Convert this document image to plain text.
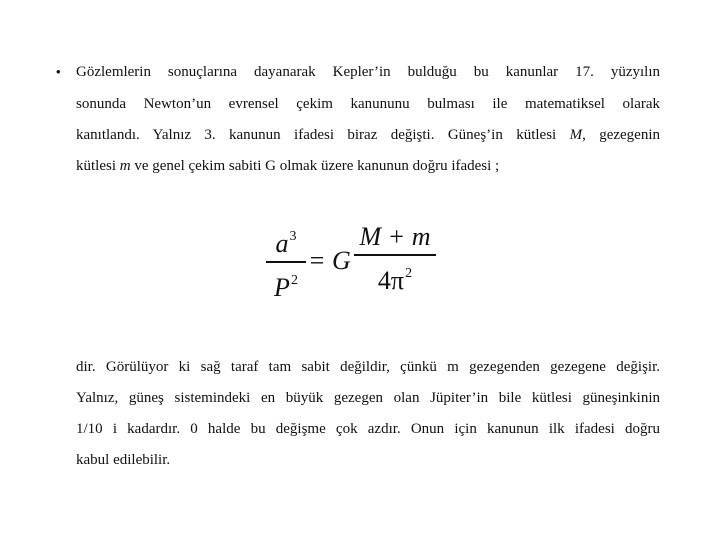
• Gözlemlerin sonuçlarına dayanarak Kepler’in bulduğu bu kanunlar 17. yüzyılın
sonunda Newton’un evrensel çekim kanununu bulması ile matematiksel olarak
kanıtlandı. Yalnız 3. kanunun ifadesi biraz değişti. Güneş’in kütlesi M, gezegenin
kütlesi m ve genel çekim sabiti G olmak üzere kanunun doğru ifadesi ;
$a^3$
$P^2$
= G
M + m
$4\pi^2$
dir. Görülüyor ki sağ taraf tam sabit değildir, çünkü m gezegenden gezegene değişir.
Yalnız, güneş sistemindeki en büyük gezegen olan Jüpiter’in bile kütlesi güneşinkinin
1/10 i kadardır. 0 halde bu değişme çok azdır. Onun için kanunun ilk ifadesi doğru
kabul edilebilir.
